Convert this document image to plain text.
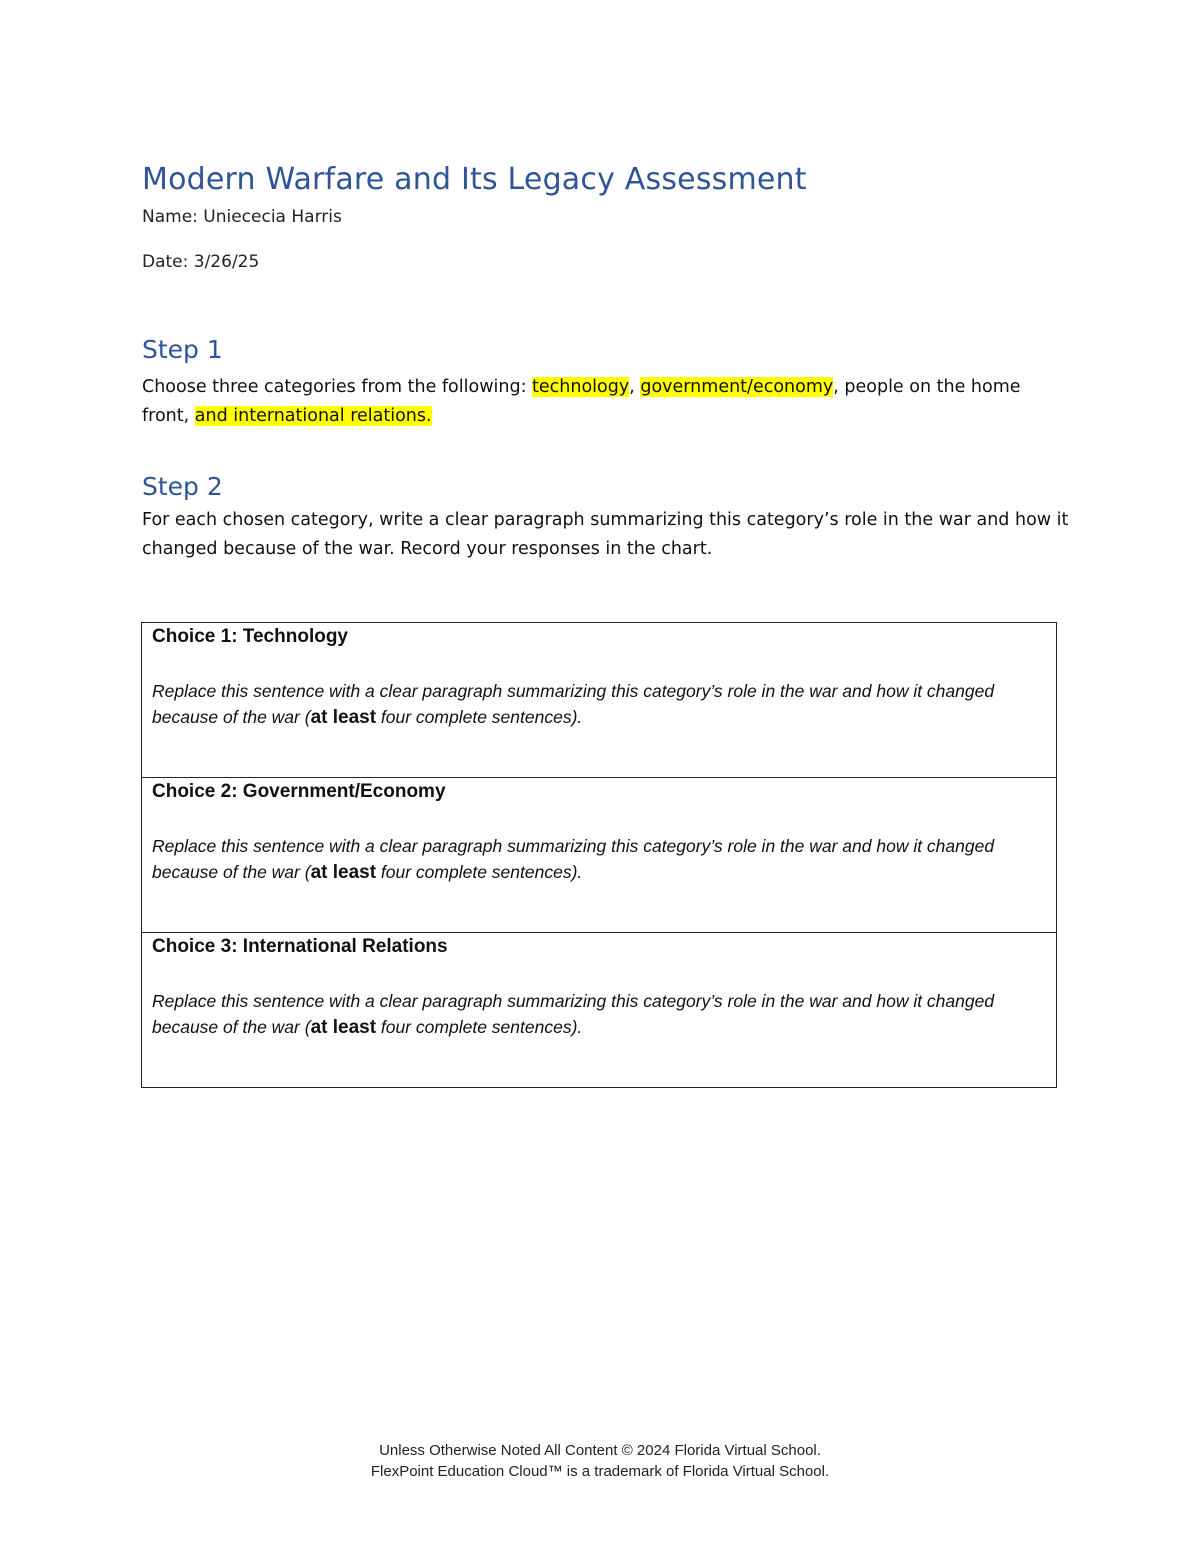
Modern Warfare and Its Legacy Assessment
Name: Uniececia Harris
Date: 3/26/25
Step 1
Choose three categories from the following: technology, government/economy, people on the home front, and international relations.
Step 2
For each chosen category, write a clear paragraph summarizing this category’s role in the war and how it changed because of the war. Record your responses in the chart.
Choice 1: Technology
Replace this sentence with a clear paragraph summarizing this category’s role in the war and how it changed because of the war (at least four complete sentences).

Choice 2: Government/Economy
Replace this sentence with a clear paragraph summarizing this category’s role in the war and how it changed because of the war (at least four complete sentences).

Choice 3: International Relations
Replace this sentence with a clear paragraph summarizing this category’s role in the war and how it changed because of the war (at least four complete sentences).
Unless Otherwise Noted All Content © 2024 Florida Virtual School.
FlexPoint Education Cloud™ is a trademark of Florida Virtual School.
